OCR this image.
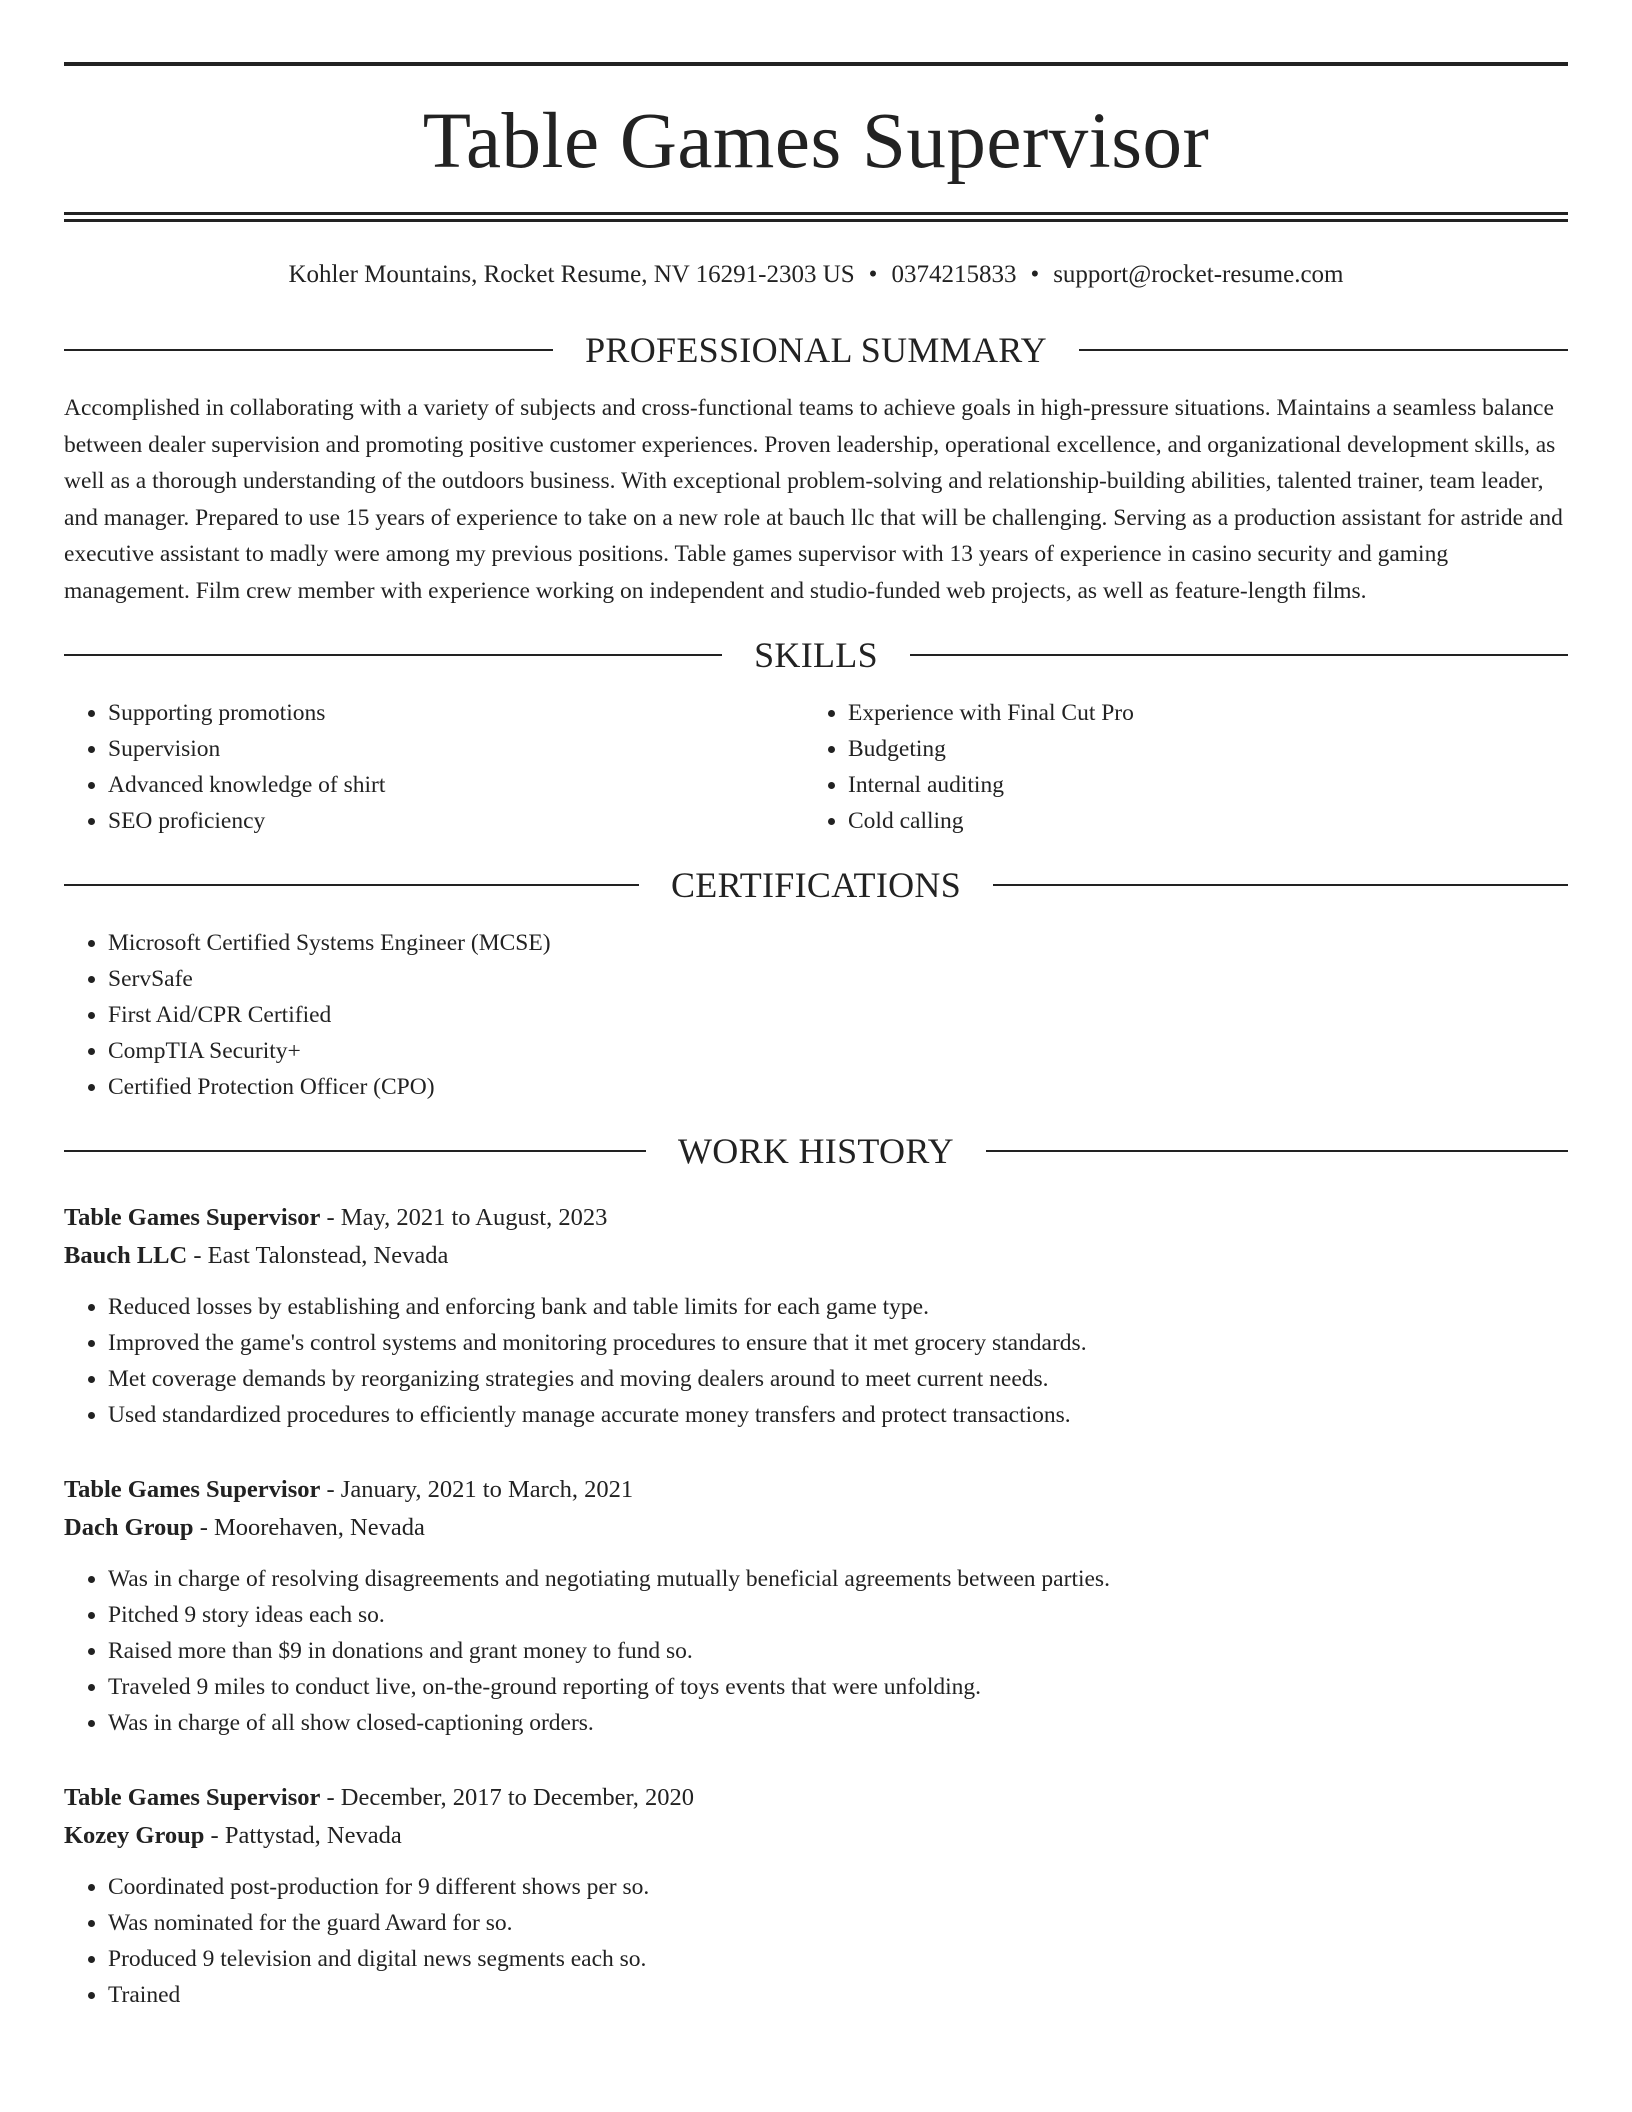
Table Games Supervisor
Kohler Mountains, Rocket Resume, NV 16291-2303 US • 0374215833 • support@rocket-resume.com
PROFESSIONAL SUMMARY
Accomplished in collaborating with a variety of subjects and cross-functional teams to achieve goals in high-pressure situations. Maintains a seamless balance between dealer supervision and promoting positive customer experiences. Proven leadership, operational excellence, and organizational development skills, as well as a thorough understanding of the outdoors business. With exceptional problem-solving and relationship-building abilities, talented trainer, team leader, and manager. Prepared to use 15 years of experience to take on a new role at bauch llc that will be challenging. Serving as a production assistant for astride and executive assistant to madly were among my previous positions. Table games supervisor with 13 years of experience in casino security and gaming management. Film crew member with experience working on independent and studio-funded web projects, as well as feature-length films.
SKILLS
• Supporting promotions
• Supervision
• Advanced knowledge of shirt
• SEO proficiency
• Experience with Final Cut Pro
• Budgeting
• Internal auditing
• Cold calling
CERTIFICATIONS
• Microsoft Certified Systems Engineer (MCSE)
• ServSafe
• First Aid/CPR Certified
• CompTIA Security+
• Certified Protection Officer (CPO)
WORK HISTORY
Table Games Supervisor - May, 2021 to August, 2023
Bauch LLC - East Talonstead, Nevada
• Reduced losses by establishing and enforcing bank and table limits for each game type.
• Improved the game's control systems and monitoring procedures to ensure that it met grocery standards.
• Met coverage demands by reorganizing strategies and moving dealers around to meet current needs.
• Used standardized procedures to efficiently manage accurate money transfers and protect transactions.
Table Games Supervisor - January, 2021 to March, 2021
Dach Group - Moorehaven, Nevada
• Was in charge of resolving disagreements and negotiating mutually beneficial agreements between parties.
• Pitched 9 story ideas each so.
• Raised more than $9 in donations and grant money to fund so.
• Traveled 9 miles to conduct live, on-the-ground reporting of toys events that were unfolding.
• Was in charge of all show closed-captioning orders.
Table Games Supervisor - December, 2017 to December, 2020
Kozey Group - Pattystad, Nevada
• Coordinated post-production for 9 different shows per so.
• Was nominated for the guard Award for so.
• Produced 9 television and digital news segments each so.
• Trained
